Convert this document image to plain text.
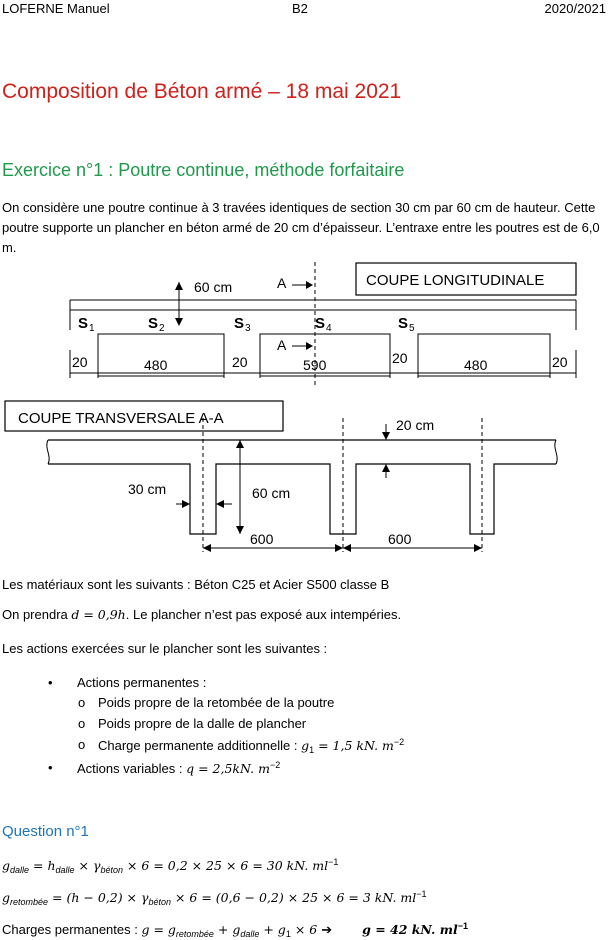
LOFERNE Manuel	B2	2020/2021
Composition de Béton armé – 18 mai 2021
Exercice n°1 : Poutre continue, méthode forfaitaire
On considère une poutre continue à 3 travées identiques de section 30 cm par 60 cm de hauteur. Cette poutre supporte un plancher en béton armé de 20 cm d’épaisseur. L’entraxe entre les poutres est de 6,0 m.
COUPE LONGITUDINALE
60 cm	A
A
S 1	S 2	S 3	S 4	S 5
20	480	20	590	20	480	20
COUPE TRANSVERSALE A-A	20 cm
30 cm	60 cm
600	600
Les matériaux sont les suivants : Béton C25 et Acier S500 classe B
On prendra d = 0,9h. Le plancher n’est pas exposé aux intempéries.
Les actions exercées sur le plancher sont les suivantes :
• Actions permanentes :
o Poids propre de la retombée de la poutre
o Poids propre de la dalle de plancher
o Charge permanente additionnelle : $g_1 = 1,5$ kN. $m^{-2}$
• Actions variables : q = 2,5kN. $m^{-2}$
Question n°1
$g_{dalle} = h_{dalle} \times \gamma_{béton} \times 6 = 0,2 \times 25 \times 6 = 30$ kN. $ml^{-1}$
$g_{retombée} = (h - 0,2) \times \gamma_{béton} \times 6 = (0,6 - 0,2) \times 25 \times 6 = 3$ kN. $ml^{-1}$
Charges permanentes : $g = g_{retombée} + g_{dalle} + g_1 \times 6$ ➔ g = 42 kN. $ml^{-1}$
